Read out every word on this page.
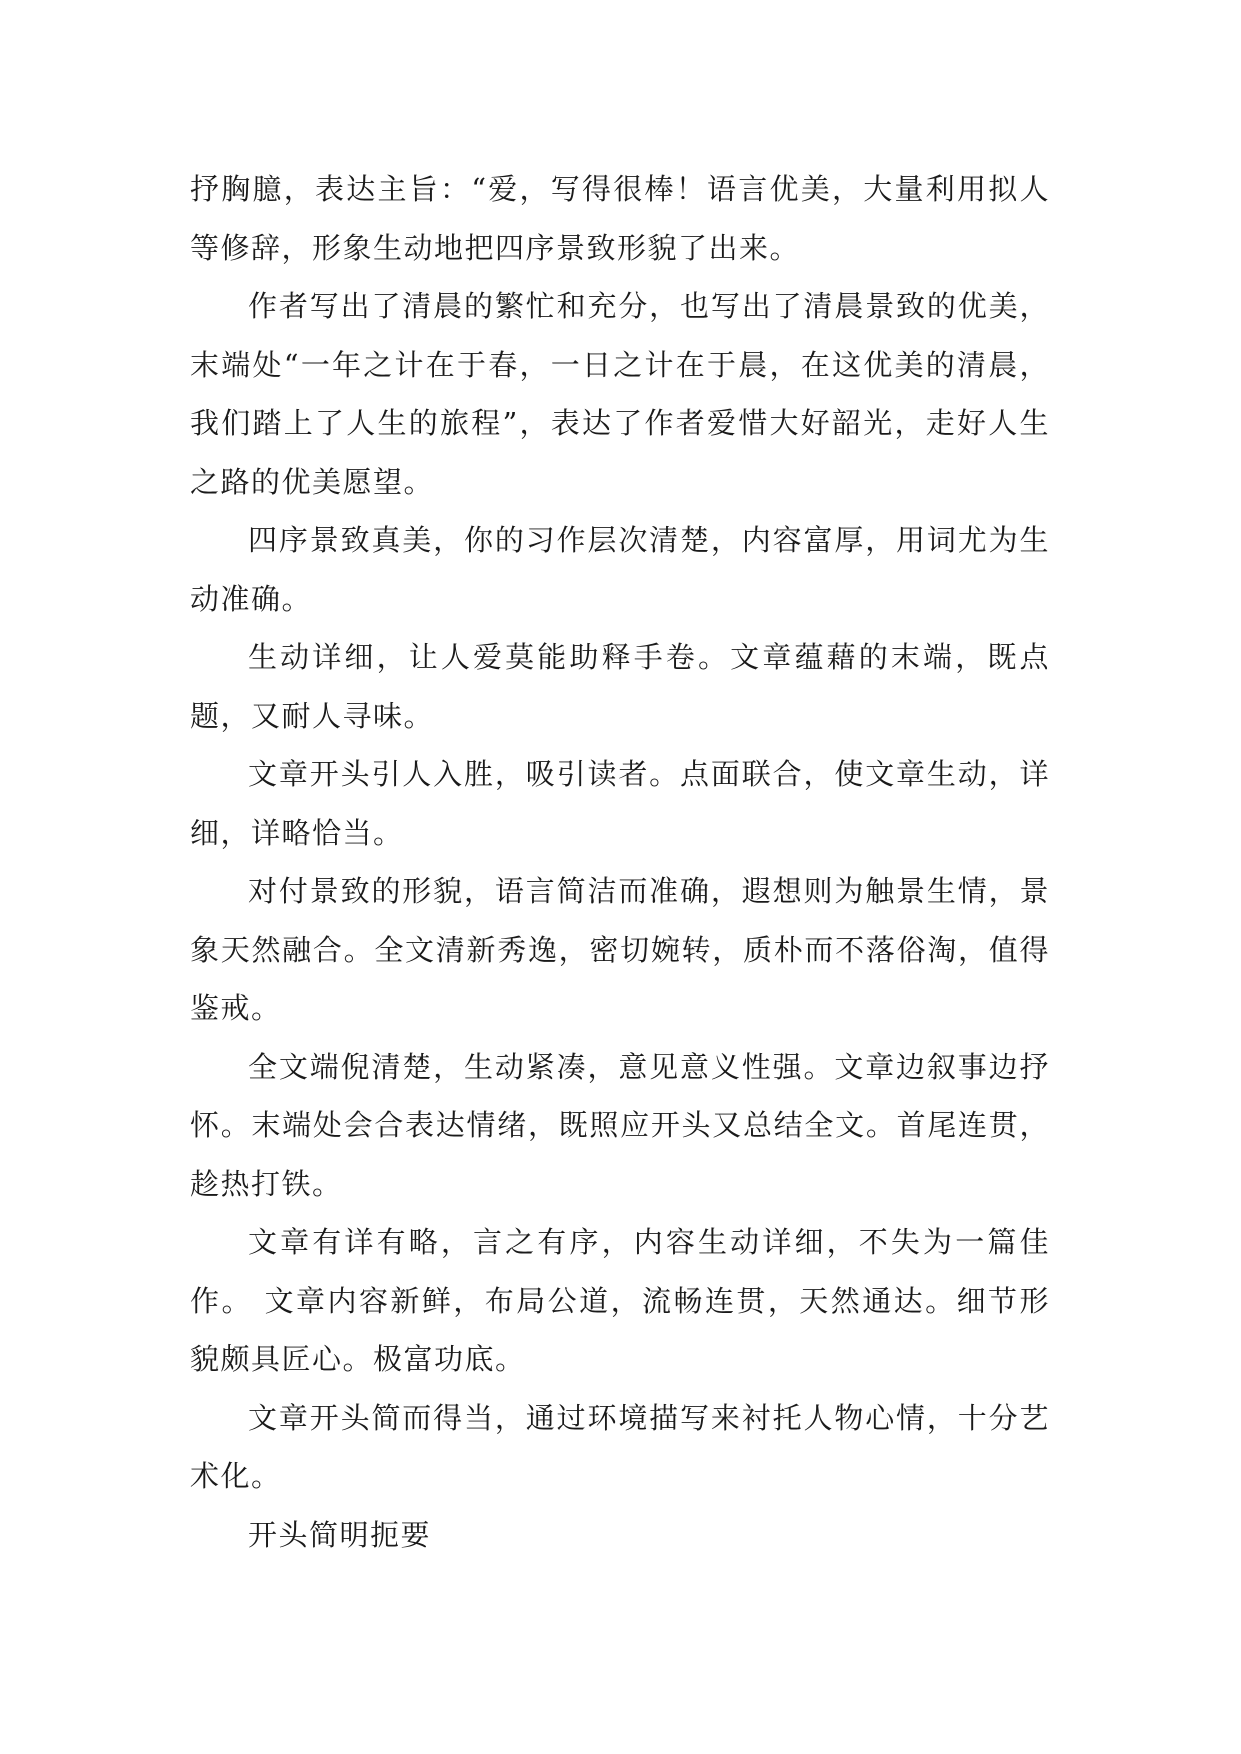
抒胸臆，表达主旨：“爱，写得很棒！语言优美，大量利用拟人等修辞，形象生动地把四序景致形貌了出来。

作者写出了清晨的繁忙和充分，也写出了清晨景致的优美，末端处“一年之计在于春，一日之计在于晨，在这优美的清晨，我们踏上了人生的旅程”，表达了作者爱惜大好韶光，走好人生之路的优美愿望。

四序景致真美，你的习作层次清楚，内容富厚，用词尤为生动准确。

生动详细，让人爱莫能助释手卷。文章蕴藉的末端，既点题，又耐人寻味。

文章开头引人入胜，吸引读者。点面联合，使文章生动，详细，详略恰当。

对付景致的形貌，语言简洁而准确，遐想则为触景生情，景象天然融合。全文清新秀逸，密切婉转，质朴而不落俗淘，值得鉴戒。

全文端倪清楚，生动紧凑，意见意义性强。文章边叙事边抒怀。末端处会合表达情绪，既照应开头又总结全文。首尾连贯，趁热打铁。

文章有详有略，言之有序，内容生动详细，不失为一篇佳作。 文章内容新鲜，布局公道，流畅连贯，天然通达。细节形貌颇具匠心。极富功底。

文章开头简而得当，通过环境描写来衬托人物心情，十分艺术化。

开头简明扼要
